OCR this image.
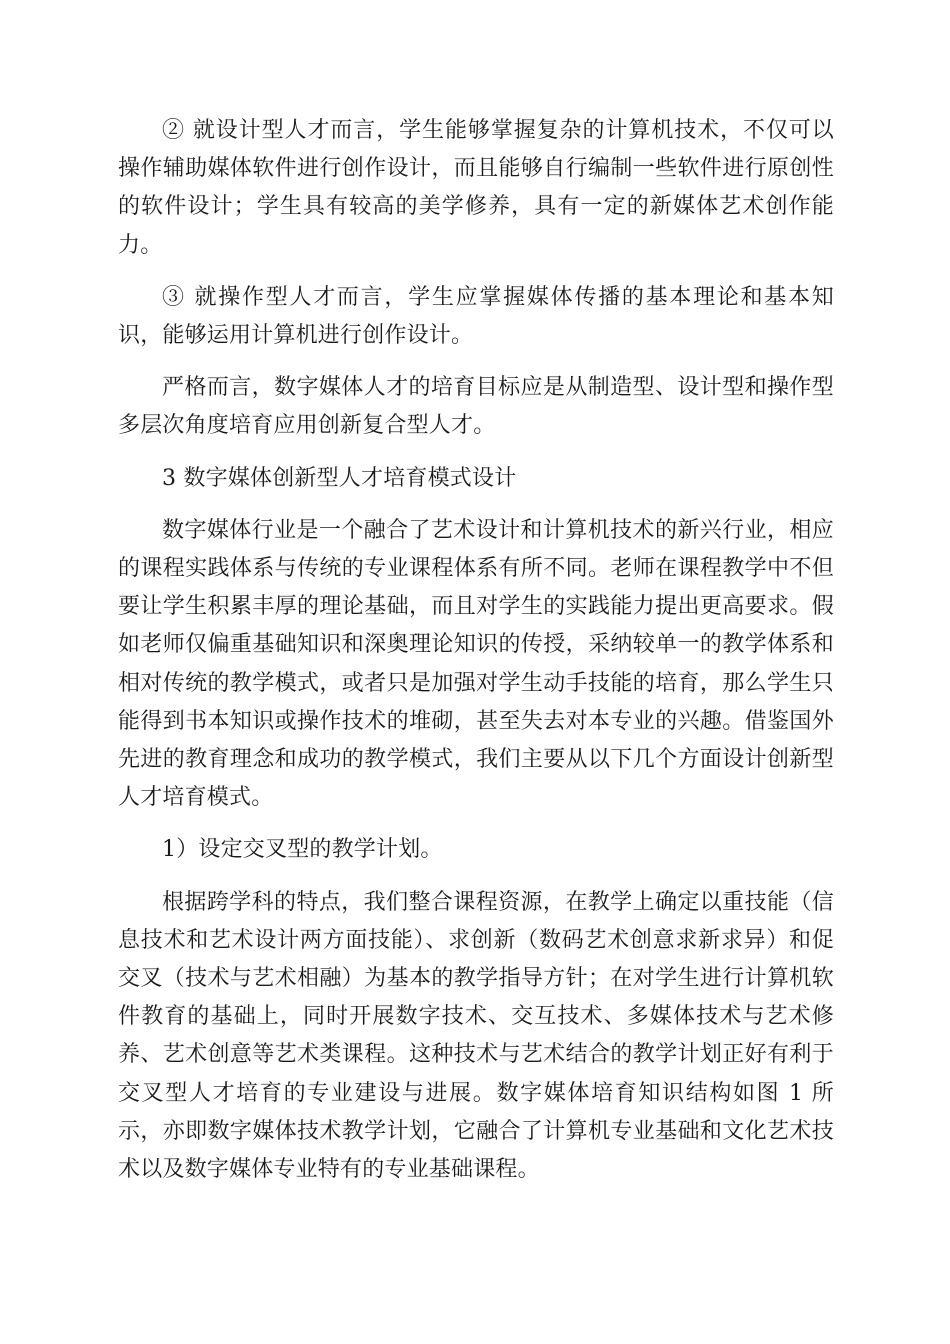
② 就设计型人才而言，学生能够掌握复杂的计算机技术，不仅可以操作辅助媒体软件进行创作设计，而且能够自行编制一些软件进行原创性的软件设计；学生具有较高的美学修养，具有一定的新媒体艺术创作能力。

③ 就操作型人才而言，学生应掌握媒体传播的基本理论和基本知识，能够运用计算机进行创作设计。

严格而言，数字媒体人才的培育目标应是从制造型、设计型和操作型多层次角度培育应用创新复合型人才。

3 数字媒体创新型人才培育模式设计

数字媒体行业是一个融合了艺术设计和计算机技术的新兴行业，相应的课程实践体系与传统的专业课程体系有所不同。老师在课程教学中不但要让学生积累丰厚的理论基础，而且对学生的实践能力提出更高要求。假如老师仅偏重基础知识和深奥理论知识的传授，采纳较单一的教学体系和相对传统的教学模式，或者只是加强对学生动手技能的培育，那么学生只能得到书本知识或操作技术的堆砌，甚至失去对本专业的兴趣。借鉴国外先进的教育理念和成功的教学模式，我们主要从以下几个方面设计创新型人才培育模式。

1）设定交叉型的教学计划。

根据跨学科的特点，我们整合课程资源，在教学上确定以重技能（信息技术和艺术设计两方面技能）、求创新（数码艺术创意求新求异）和促交叉（技术与艺术相融）为基本的教学指导方针；在对学生进行计算机软件教育的基础上，同时开展数字技术、交互技术、多媒体技术与艺术修养、艺术创意等艺术类课程。这种技术与艺术结合的教学计划正好有利于交叉型人才培育的专业建设与进展。数字媒体培育知识结构如图 1 所示，亦即数字媒体技术教学计划，它融合了计算机专业基础和文化艺术技术以及数字媒体专业特有的专业基础课程。
